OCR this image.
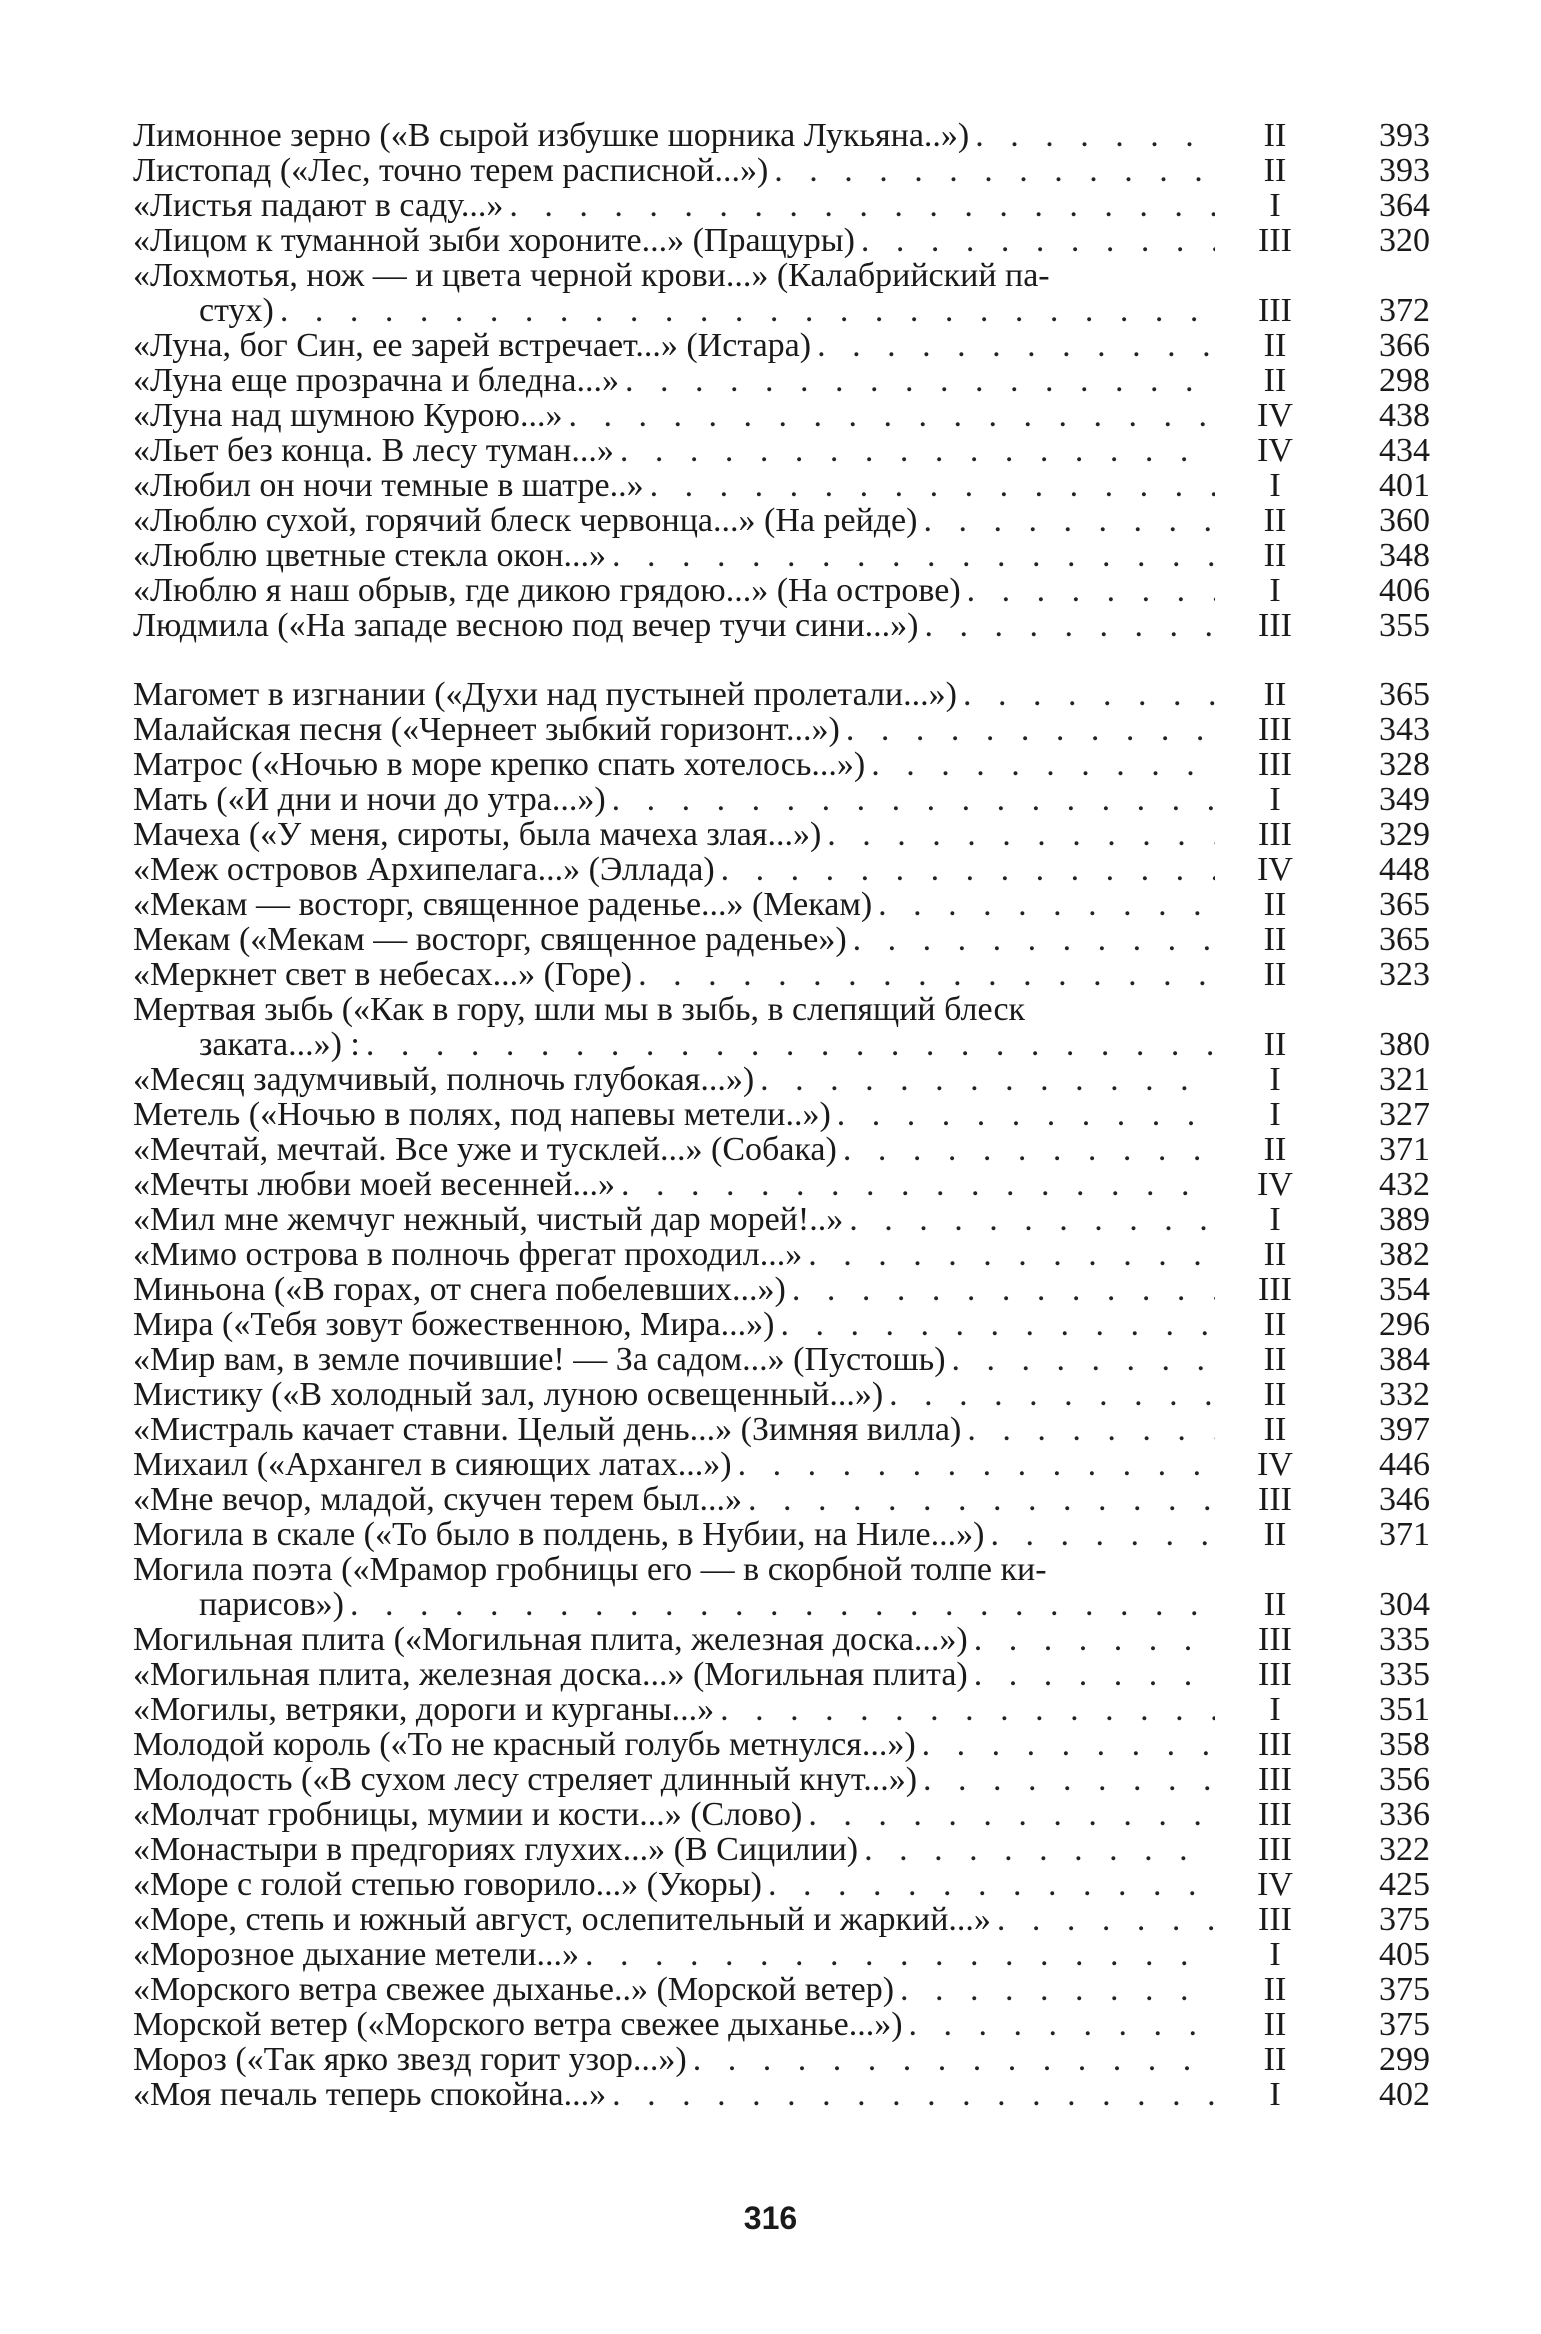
Лимонное зерно («В сырой избушке шорника Лукьяна..») . . .	II	393
Листопад («Лес, точно терем расписной...») . . .	II	393
«Листья падают в саду...» . . .	I	364
«Лицом к туманной зыби хороните...» (Пращуры) . . .	III	320
«Лохмотья, нож — и цвета черной крови...» (Калабрийский па-
стух) . . .	III	372
«Луна, бог Син, ее зарей встречает...» (Истара) . . .	II	366
«Луна еще прозрачна и бледна...» . . .	II	298
«Луна над шумною Курою...» . . .	IV	438
«Льет без конца. В лесу туман...» . . .	IV	434
«Любил он ночи темные в шатре..» . . .	I	401
«Люблю сухой, горячий блеск червонца...» (На рейде) . . .	II	360
«Люблю цветные стекла окон...» . . .	II	348
«Люблю я наш обрыв, где дикою грядою...» (На острове) . . .	I	406
Людмила («На западе весною под вечер тучи сини...») . . .	III	355
Магомет в изгнании («Духи над пустыней пролетали...») . . .	II	365
Малайская песня («Чернеет зыбкий горизонт...») . . .	III	343
Матрос («Ночью в море крепко спать хотелось...») . . .	III	328
Мать («И дни и ночи до утра...») . . .	I	349
Мачеха («У меня, сироты, была мачеха злая...») . . .	III	329
«Меж островов Архипелага...» (Эллада) . . .	IV	448
«Мекам — восторг, священное раденье...» (Мекам) . . .	II	365
Мекам («Мекам — восторг, священное раденье») . . .	II	365
«Меркнет свет в небесах...» (Горе) . . .	II	323
Мертвая зыбь («Как в гору, шли мы в зыбь, в слепящий блеск
заката...») : . . .	II	380
«Месяц задумчивый, полночь глубокая...») . . .	I	321
Метель («Ночью в полях, под напевы метели..») . . .	I	327
«Мечтай, мечтай. Все уже и тусклей...» (Собака) . . .	II	371
«Мечты любви моей весенней...» . . .	IV	432
«Мил мне жемчуг нежный, чистый дар морей!..» . . .	I	389
«Мимо острова в полночь фрегат проходил...» . . .	II	382
Миньона («В горах, от снега побелевших...») . . .	III	354
Мира («Тебя зовут божественною, Мира...») . . .	II	296
«Мир вам, в земле почившие! — За садом...» (Пустошь) . . .	II	384
Мистику («В холодный зал, луною освещенный...») . . .	II	332
«Мистраль качает ставни. Целый день...» (Зимняя вилла) . . .	II	397
Михаил («Архангел в сияющих латах...») . . .	IV	446
«Мне вечор, младой, скучен терем был...» . . .	III	346
Могила в скале («То было в полдень, в Нубии, на Ниле...») . . .	II	371
Могила поэта («Мрамор гробницы его — в скорбной толпе ки-
парисов») . . .	II	304
Могильная плита («Могильная плита, железная доска...») . . .	III	335
«Могильная плита, железная доска...» (Могильная плита) . . .	III	335
«Могилы, ветряки, дороги и курганы...» . . .	I	351
Молодой король («То не красный голубь метнулся...») . . .	III	358
Молодость («В сухом лесу стреляет длинный кнут...») . . .	III	356
«Молчат гробницы, мумии и кости...» (Слово) . . .	III	336
«Монастыри в предгориях глухих...» (В Сицилии) . . .	III	322
«Море с голой степью говорило...» (Укоры) . . .	IV	425
«Море, степь и южный август, ослепительный и жаркий...» . . .	III	375
«Морозное дыхание метели...» . . .	I	405
«Морского ветра свежее дыханье..» (Морской ветер) . . .	II	375
Морской ветер («Морского ветра свежее дыханье...») . . .	II	375
Мороз («Так ярко звезд горит узор...») . . .	II	299
«Моя печаль теперь спокойна...» . . .	I	402
316
